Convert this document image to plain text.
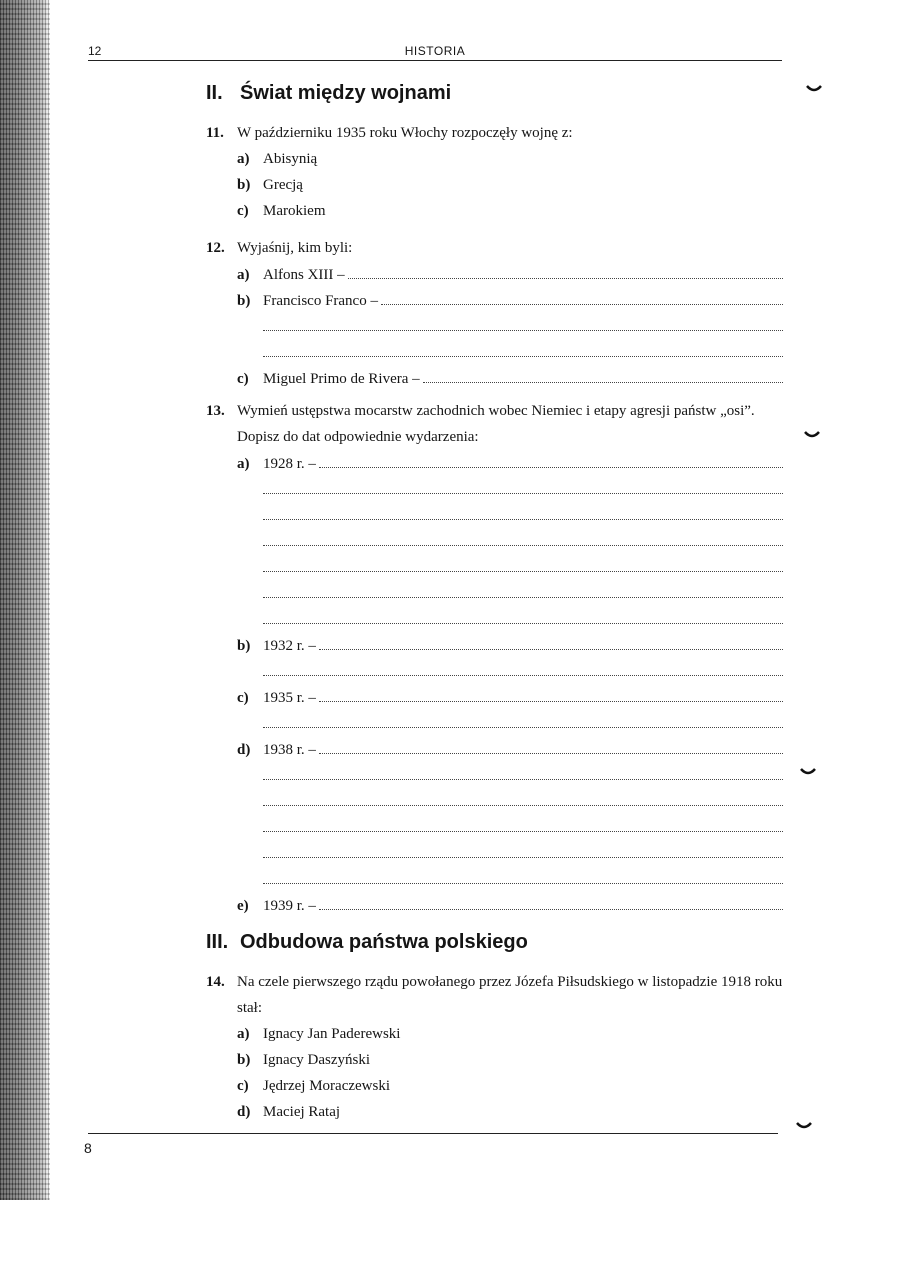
12	HISTORIA
II. Świat między wojnami
11. W październiku 1935 roku Włochy rozpoczęły wojnę z:
a) Abisynią
b) Grecją
c) Marokiem
12. Wyjaśnij, kim byli:
a) Alfons XIII –
b) Francisco Franco –
c) Miguel Primo de Rivera –
13. Wymień ustępstwa mocarstw zachodnich wobec Niemiec i etapy agresji państw „osi”. Dopisz do dat odpowiednie wydarzenia:
a) 1928 r. –
b) 1932 r. –
c) 1935 r. –
d) 1938 r. –
e) 1939 r. –
III. Odbudowa państwa polskiego
14. Na czele pierwszego rządu powołanego przez Józefa Piłsudskiego w listopadzie 1918 roku stał:
a) Ignacy Jan Paderewski
b) Ignacy Daszyński
c) Jędrzej Moraczewski
d) Maciej Rataj
8
